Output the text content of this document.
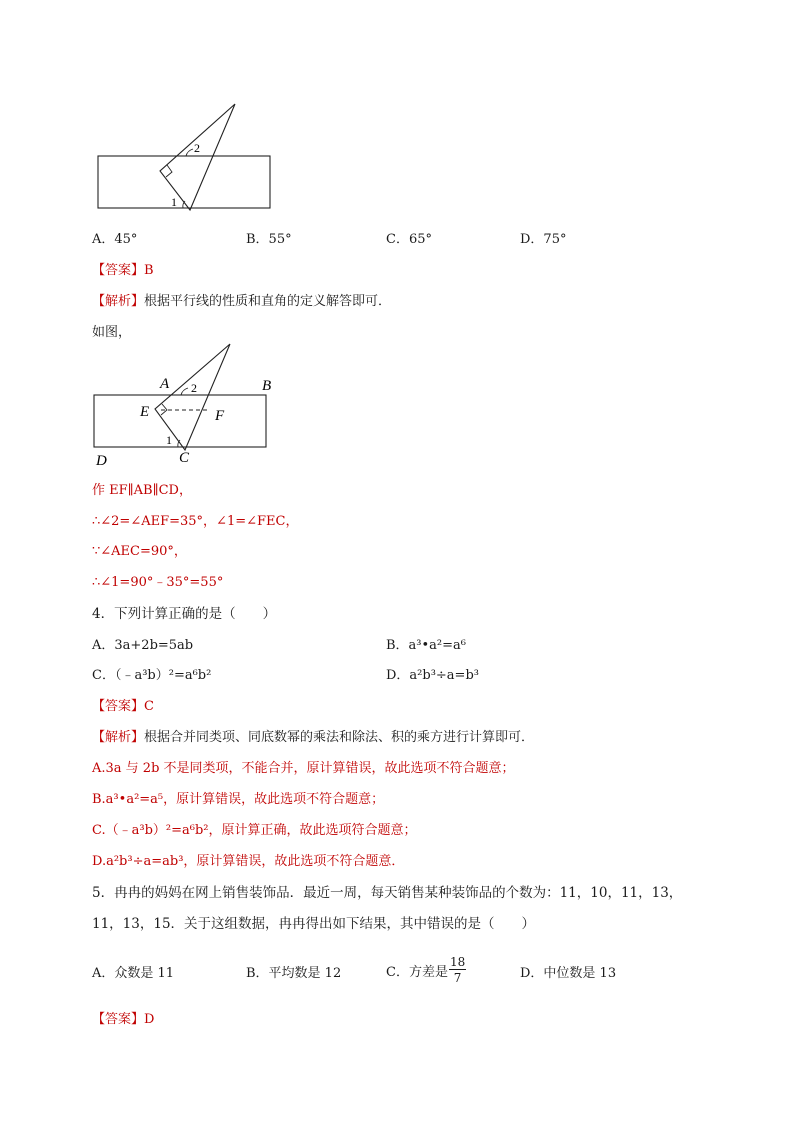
2
1
A．45°	B．55°	C．65°	D．75°
【答案】B
【解析】根据平行线的性质和直角的定义解答即可．
如图，
A 2	B
E	F
1
D	C
作 EF∥AB∥CD，
∴∠2=∠AEF=35°，∠1=∠FEC，
∵∠AEC=90°，
∴∠1=90°﹣35°=55°
4．下列计算正确的是（　　）
A．3a+2b=5ab	B．a³•a²=a⁶
C．（﹣a³b）²=a⁶b²	D．a²b³÷a=b³
【答案】C
【解析】根据合并同类项、同底数幂的乘法和除法、积的乘方进行计算即可．
A.3a 与 2b 不是同类项，不能合并，原计算错误，故此选项不符合题意；
B.a³•a²=a⁵，原计算错误，故此选项不符合题意；
C.（﹣a³b）²=a⁶b²，原计算正确，故此选项符合题意；
D.a²b³÷a=ab³，原计算错误，故此选项不符合题意．
5．冉冉的妈妈在网上销售装饰品．最近一周，每天销售某种装饰品的个数为：11，10，11，13，
11，13，15．关于这组数据，冉冉得出如下结果，其中错误的是（　　）
A．众数是 11	B．平均数是 12	C．方差是 $\frac{18}{7}$	D．中位数是 13
【答案】D
